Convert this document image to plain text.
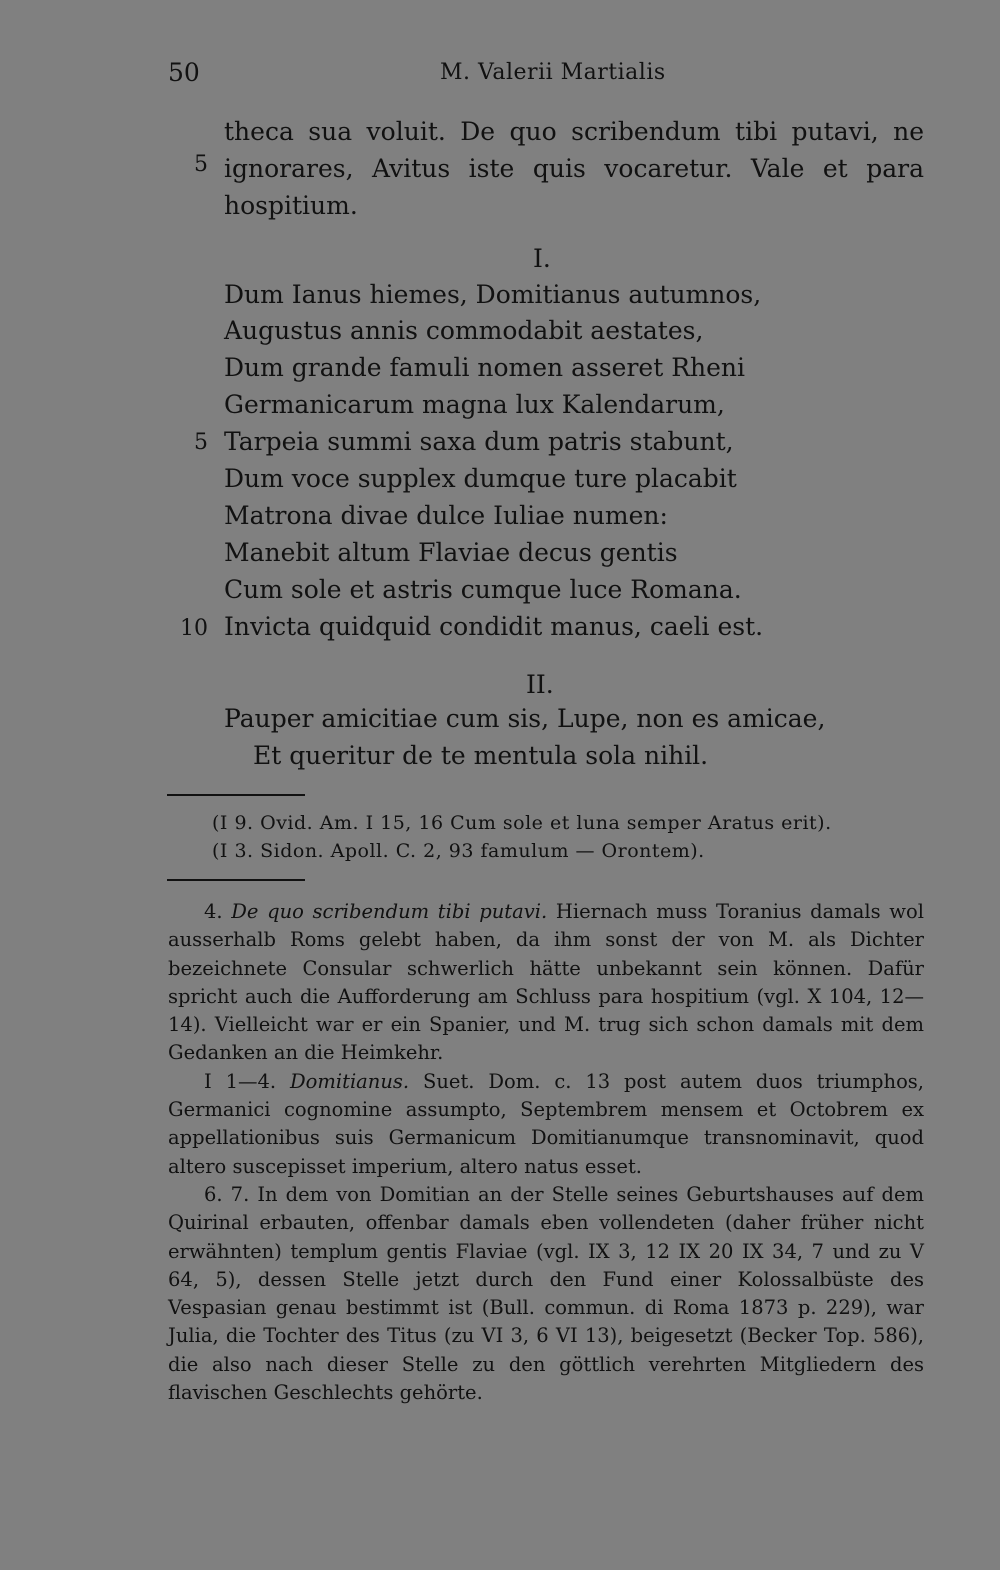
50	M. Valerii Martialis
theca sua voluit. De quo scribendum tibi putavi, ne
5 ignorares, Avitus iste quis vocaretur. Vale et para
hospitium.
I.
Dum Ianus hiemes, Domitianus autumnos,
Augustus annis commodabit aestates,
Dum grande famuli nomen asseret Rheni
Germanicarum magna lux Kalendarum,
5 Tarpeia summi saxa dum patris stabunt,
Dum voce supplex dumque ture placabit
Matrona divae dulce Iuliae numen:
Manebit altum Flaviae decus gentis
Cum sole et astris cumque luce Romana.
10 Invicta quidquid condidit manus, caeli est.
II.
Pauper amicitiae cum sis, Lupe, non es amicae,
Et queritur de te mentula sola nihil.
(I 9. Ovid. Am. I 15, 16 Cum sole et luna semper Aratus erit).
(I 3. Sidon. Apoll. C. 2, 93 famulum — Orontem).

4. De quo scribendum tibi putavi. Hiernach muss Toranius damals wol ausserhalb Roms gelebt haben, da ihm sonst der von M. als Dichter bezeichnete Consular schwerlich hätte unbekannt sein können. Dafür spricht auch die Aufforderung am Schluss para hospitium (vgl. X 104, 12—14). Vielleicht war er ein Spanier, und M. trug sich schon damals mit dem Gedanken an die Heimkehr.

I 1—4. Domitianus. Suet. Dom. c. 13 post autem duos triumphos, Germanici cognomine assumpto, Septembrem mensem et Octobrem ex appellationibus suis Germanicum Domitianumque transnominavit, quod altero suscepisset imperium, altero natus esset.

6. 7. In dem von Domitian an der Stelle seines Geburtshauses auf dem Quirinal erbauten, offenbar damals eben vollendeten (daher früher nicht erwähnten) templum gentis Flaviae (vgl. IX 3, 12 IX 20 IX 34, 7 und zu V 64, 5), dessen Stelle jetzt durch den Fund einer Kolossalbüste des Vespasian genau bestimmt ist (Bull. commun. di Roma 1873 p. 229), war Julia, die Tochter des Titus (zu VI 3, 6 VI 13), beigesetzt (Becker Top. 586), die also nach dieser Stelle zu den göttlich verehrten Mitgliedern des flavischen Geschlechts gehörte.
